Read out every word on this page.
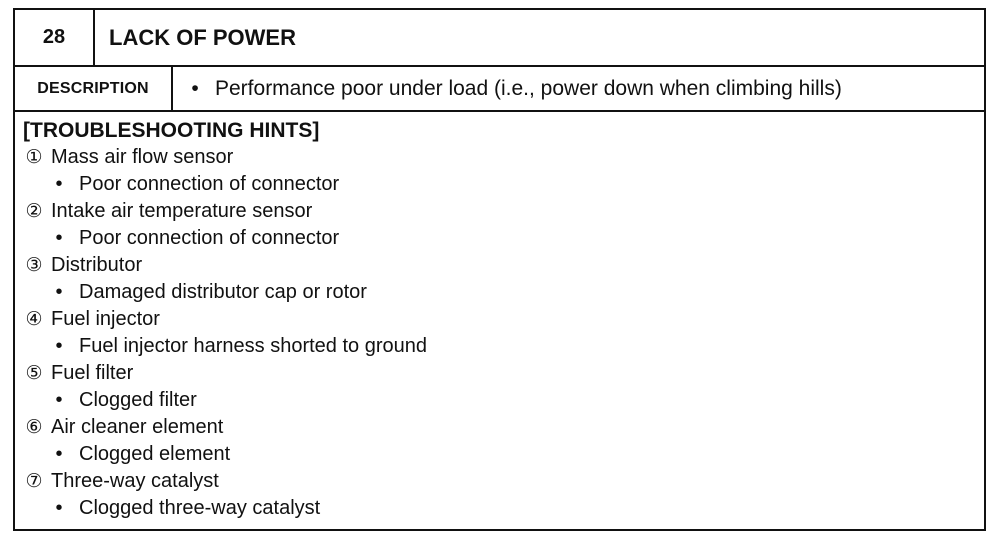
28	LACK OF POWER
DESCRIPTION	• Performance poor under load (i.e., power down when climbing hills)
[TROUBLESHOOTING HINTS]
① Mass air flow sensor
• Poor connection of connector
② Intake air temperature sensor
• Poor connection of connector
③ Distributor
• Damaged distributor cap or rotor
④ Fuel injector
• Fuel injector harness shorted to ground
⑤ Fuel filter
• Clogged filter
⑥ Air cleaner element
• Clogged element
⑦ Three-way catalyst
• Clogged three-way catalyst
